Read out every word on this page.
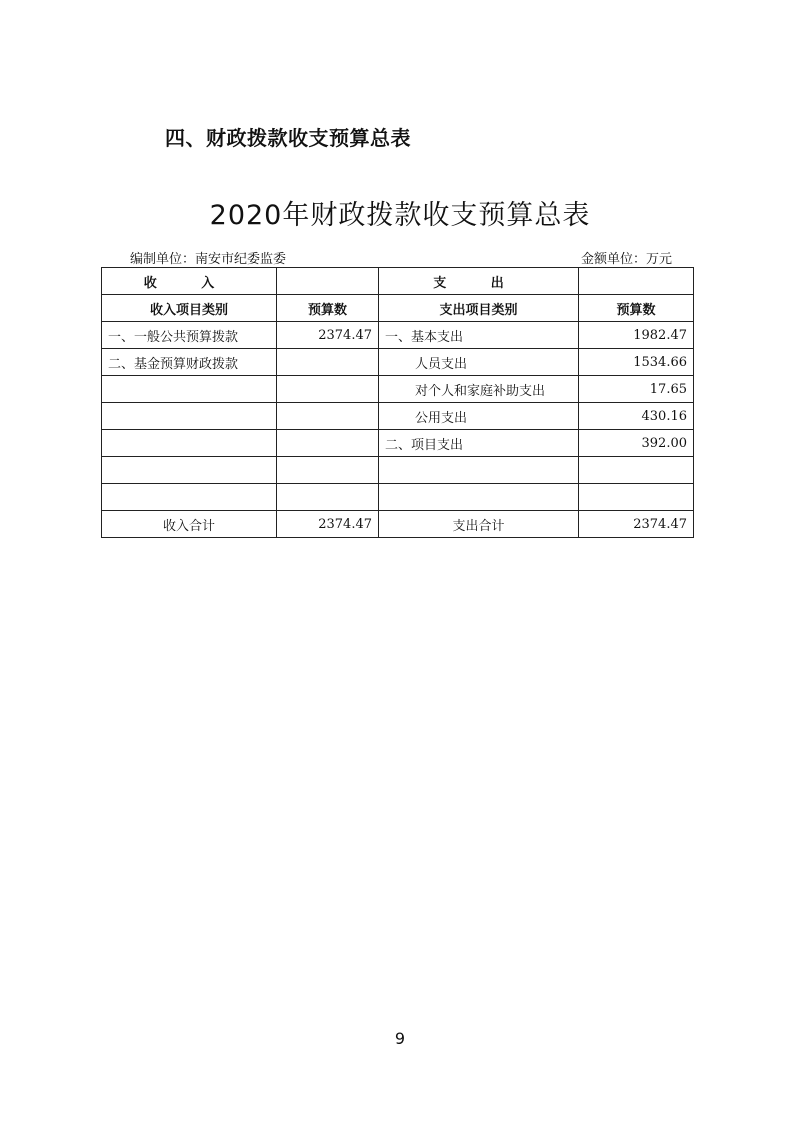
四、财政拨款收支预算总表
2020年财政拨款收支预算总表
编制单位：南安市纪委监委	金额单位：万元
收 入		支 出	
收入项目类别	预算数	支出项目类别	预算数
一、一般公共预算拨款	2374.47	一、基本支出	1982.47
二、基金预算财政拨款		人员支出	1534.66
		对个人和家庭补助支出	17.65
		公用支出	430.16
		二、项目支出	392.00

收入合计	2374.47	支出合计	2374.47
9
